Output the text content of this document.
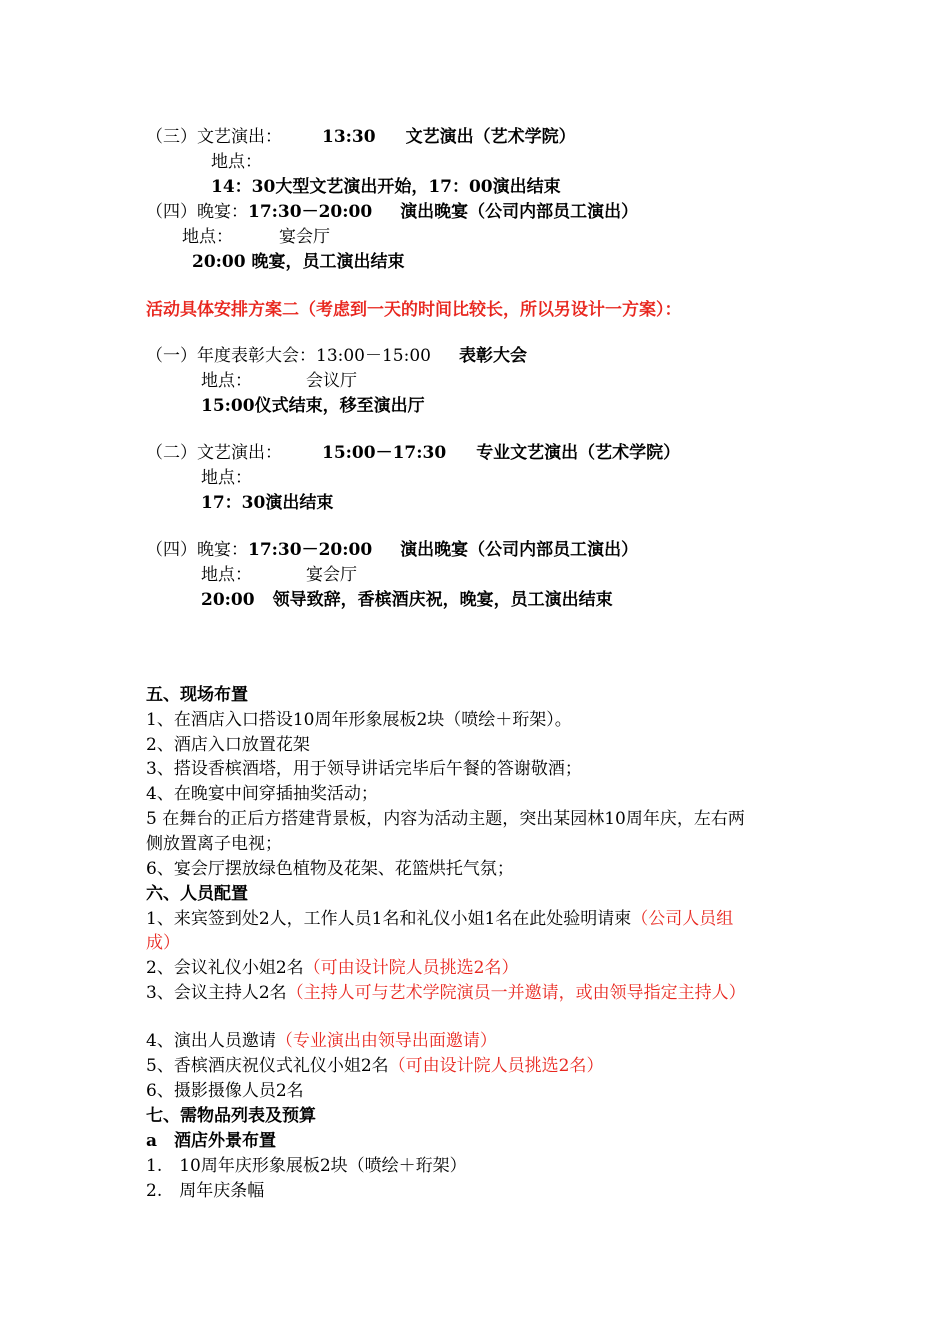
（三）文艺演出： 13:30 文艺演出（艺术学院）
地点：
14：30大型文艺演出开始，17：00演出结束
（四）晚宴：17:30－20:00 演出晚宴（公司内部员工演出）
地点：	宴会厅
20:00 晚宴，员工演出结束
活动具体安排方案二（考虑到一天的时间比较长，所以另设计一方案）：
（一）年度表彰大会：13:00－15:00 表彰大会
地点：	会议厅
15:00仪式结束，移至演出厅
（二）文艺演出： 15:00－17:30 专业文艺演出（艺术学院）
地点：
17：30演出结束
（四）晚宴：17:30－20:00 演出晚宴（公司内部员工演出）
地点：	宴会厅
20:00 领导致辞，香槟酒庆祝，晚宴，员工演出结束
五、现场布置
1、在酒店入口搭设10周年形象展板2块（喷绘＋珩架）。
2、酒店入口放置花架
3、搭设香槟酒塔，用于领导讲话完毕后午餐的答谢敬酒；
4、在晚宴中间穿插抽奖活动；
5 在舞台的正后方搭建背景板，内容为活动主题，突出某园林10周年庆，左右两
侧放置离子电视；
6、宴会厅摆放绿色植物及花架、花篮烘托气氛；
六、人员配置
1、来宾签到处2人，工作人员1名和礼仪小姐1名在此处验明请柬（公司人员组
成）
2、会议礼仪小姐2名（可由设计院人员挑选2名）
3、会议主持人2名（主持人可与艺术学院演员一并邀请，或由领导指定主持人）
4、演出人员邀请（专业演出由领导出面邀请）
5、香槟酒庆祝仪式礼仪小姐2名（可由设计院人员挑选2名）
6、摄影摄像人员2名
七、需物品列表及预算
a　酒店外景布置
1.　10周年庆形象展板2块（喷绘＋珩架）
2.　周年庆条幅
